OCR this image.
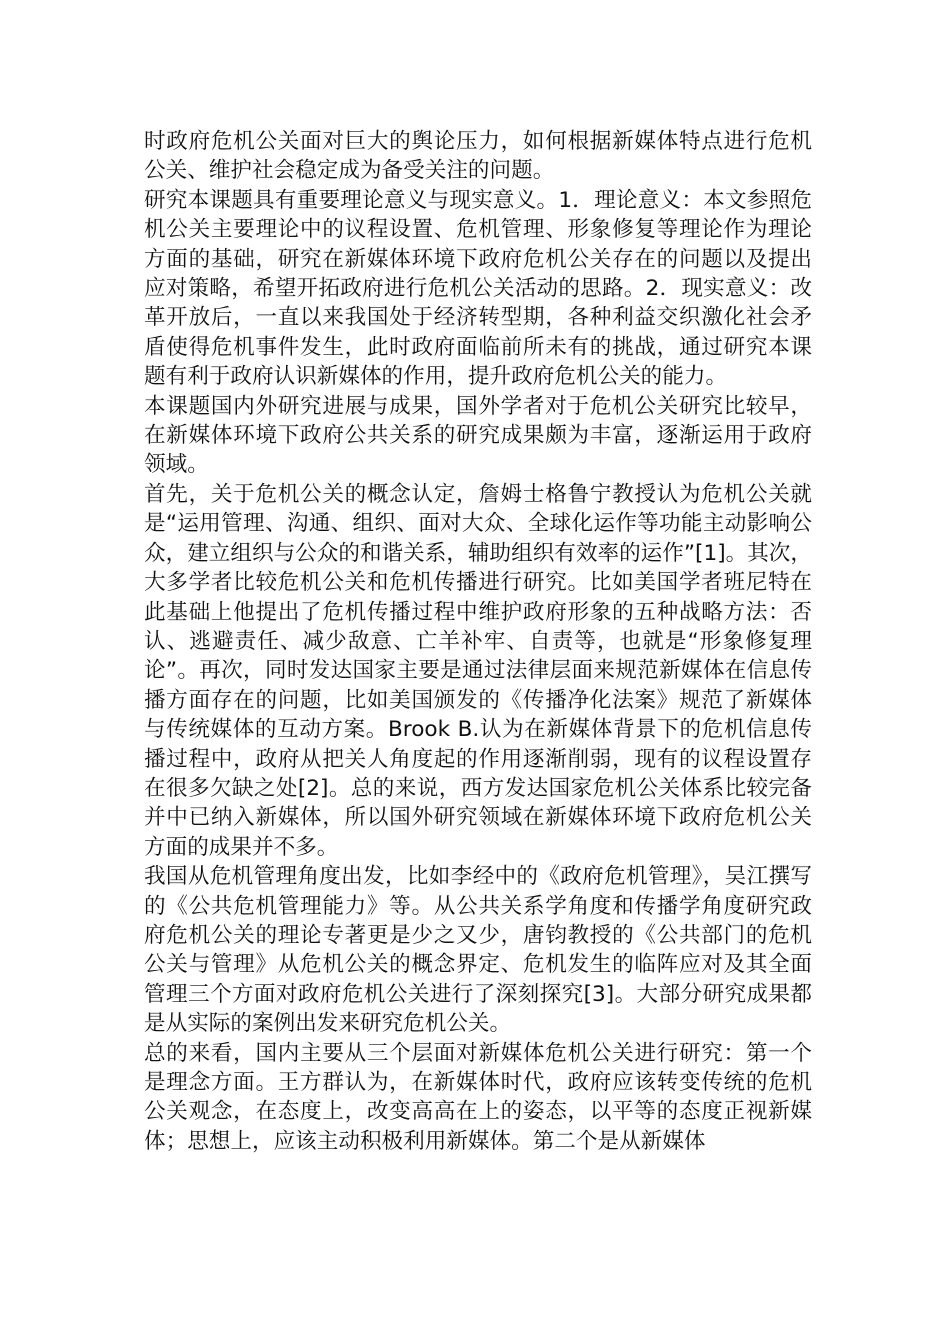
时政府危机公关面对巨大的舆论压力，如何根据新媒体特点进行危机公关、维护社会稳定成为备受关注的问题。

研究本课题具有重要理论意义与现实意义。1．理论意义：本文参照危机公关主要理论中的议程设置、危机管理、形象修复等理论作为理论方面的基础，研究在新媒体环境下政府危机公关存在的问题以及提出应对策略，希望开拓政府进行危机公关活动的思路。2．现实意义：改革开放后，一直以来我国处于经济转型期，各种利益交织激化社会矛盾使得危机事件发生，此时政府面临前所未有的挑战，通过研究本课题有利于政府认识新媒体的作用，提升政府危机公关的能力。

本课题国内外研究进展与成果，国外学者对于危机公关研究比较早，在新媒体环境下政府公共关系的研究成果颇为丰富，逐渐运用于政府领域。

首先，关于危机公关的概念认定，詹姆士格鲁宁教授认为危机公关就是“运用管理、沟通、组织、面对大众、全球化运作等功能主动影响公众，建立组织与公众的和谐关系，辅助组织有效率的运作”[1]。其次，大多学者比较危机公关和危机传播进行研究。比如美国学者班尼特在此基础上他提出了危机传播过程中维护政府形象的五种战略方法：否认、逃避责任、减少敌意、亡羊补牢、自责等，也就是“形象修复理论”。再次，同时发达国家主要是通过法律层面来规范新媒体在信息传播方面存在的问题，比如美国颁发的《传播净化法案》规范了新媒体与传统媒体的互动方案。Brook B.认为在新媒体背景下的危机信息传播过程中，政府从把关人角度起的作用逐渐削弱，现有的议程设置存在很多欠缺之处[2]。总的来说，西方发达国家危机公关体系比较完备并中已纳入新媒体，所以国外研究领域在新媒体环境下政府危机公关方面的成果并不多。

我国从危机管理角度出发，比如李经中的《政府危机管理》，吴江撰写的《公共危机管理能力》等。从公共关系学角度和传播学角度研究政府危机公关的理论专著更是少之又少，唐钧教授的《公共部门的危机公关与管理》从危机公关的概念界定、危机发生的临阵应对及其全面管理三个方面对政府危机公关进行了深刻探究[3]。大部分研究成果都是从实际的案例出发来研究危机公关。

总的来看，国内主要从三个层面对新媒体危机公关进行研究：第一个是理念方面。王方群认为，在新媒体时代，政府应该转变传统的危机公关观念，在态度上，改变高高在上的姿态，以平等的态度正视新媒体；思想上，应该主动积极利用新媒体。第二个是从新媒体
